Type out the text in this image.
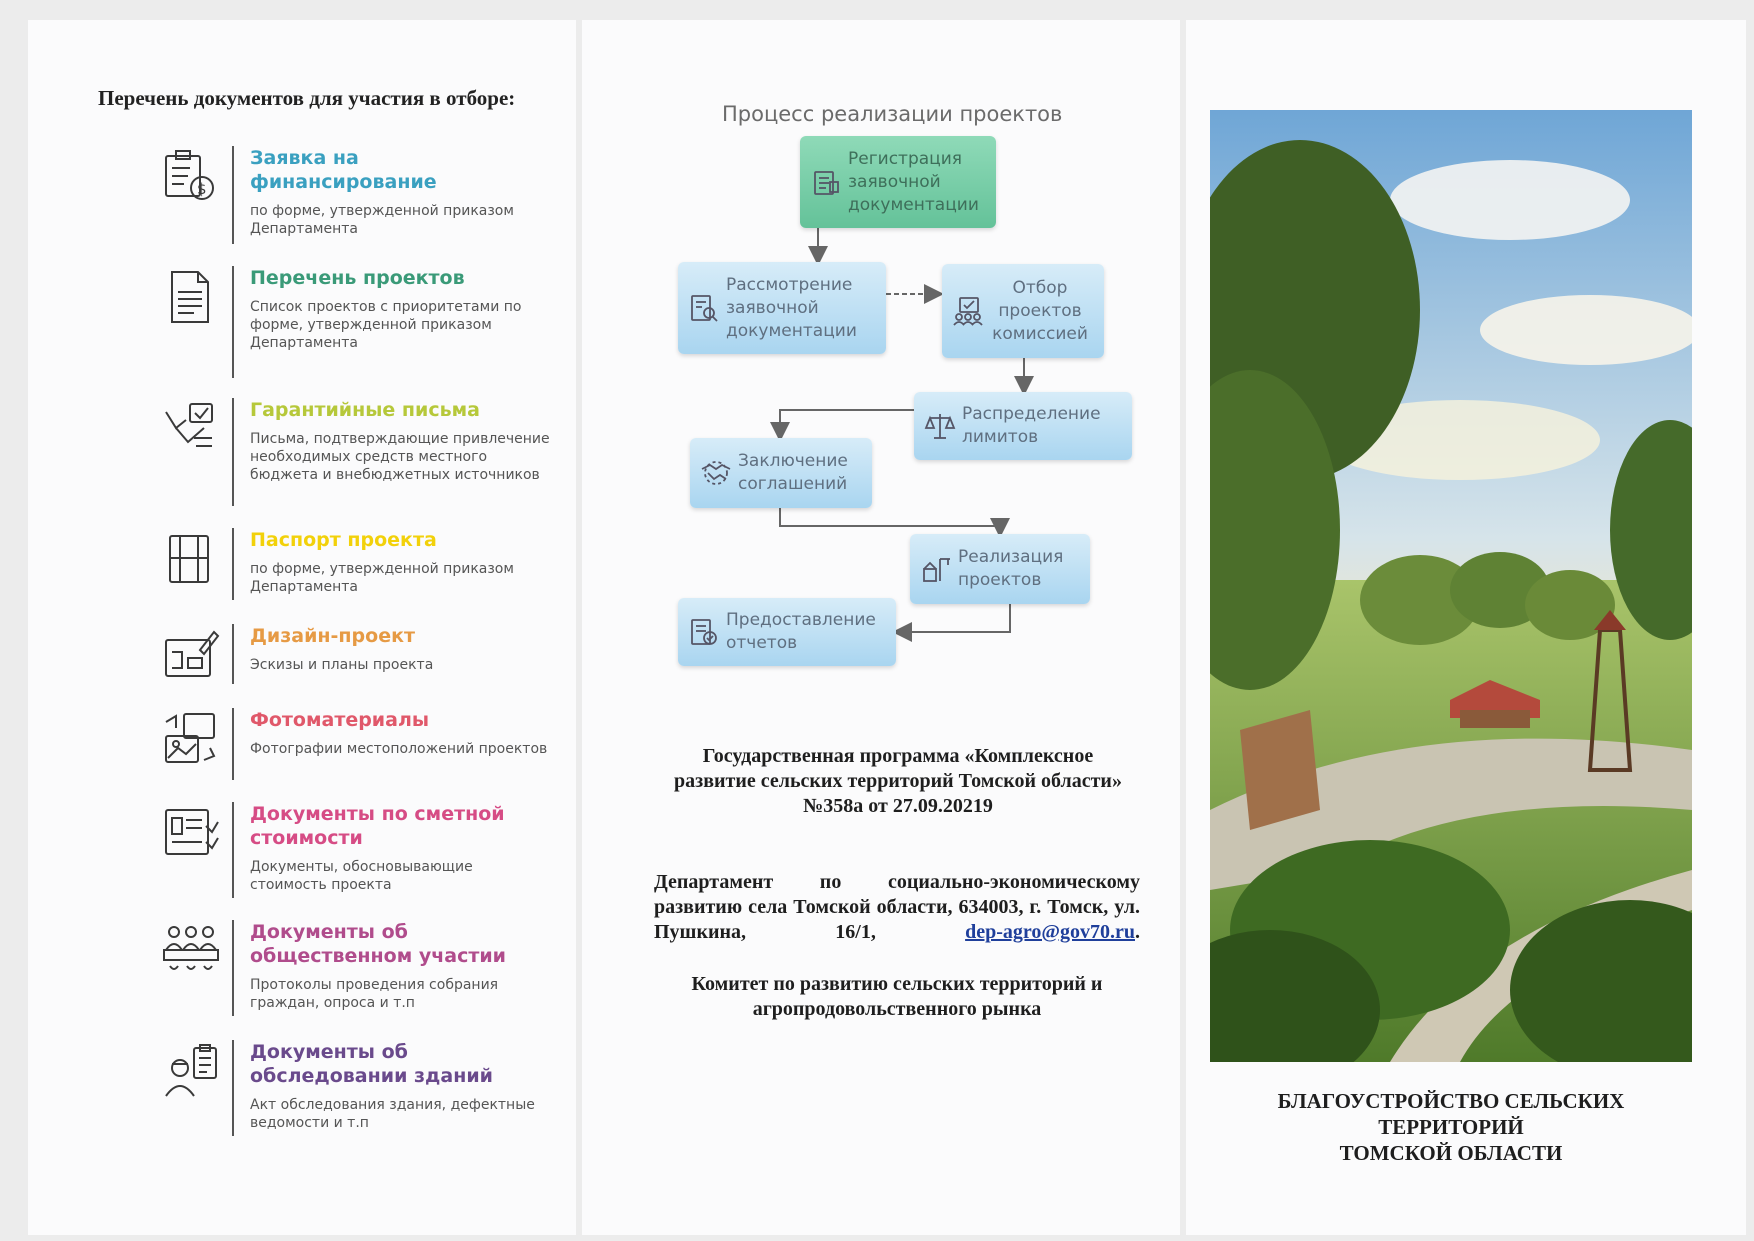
Перечень документов для участия в отборе:
$
Заявка на финансирование
по форме, утвержденной приказом Департамента
Перечень проектов
Список проектов с приоритетами по форме, утвержденной приказом Департамента
Гарантийные письма
Письма, подтверждающие привлечение необходимых средств местного бюджета и внебюджетных источников
Паспорт проекта
по форме, утвержденной приказом Департамента
Дизайн-проект
Эскизы и планы проекта
Фотоматериалы
Фотографии местоположений проектов
Документы по сметной стоимости
Документы, обосновывающие стоимость проекта
Документы об общественном участии
Протоколы проведения собрания граждан, опроса и т.п
Документы об обследовании зданий
Акт обследования здания, дефектные ведомости и т.п
Процесс реализации проектов
Регистрация заявочной документации
Рассмотрение заявочной документации
Отбор проектов комиссией
Распределение лимитов
Заключение соглашений
Реализация проектов
Предоставление отчетов
Государственная программа «Комплексное развитие сельских территорий Томской области» №358а от 27.09.20219
Департамент по социально-экономическому развитию села Томской области, 634003, г. Томск, ул. Пушкина, 16/1,	dep-agro@gov70.ru.
Комитет по развитию сельских территорий и агропродовольственного рынка
БЛАГОУСТРОЙСТВО СЕЛЬСКИХ
ТЕРРИТОРИЙ
ТОМСКОЙ ОБЛАСТИ
